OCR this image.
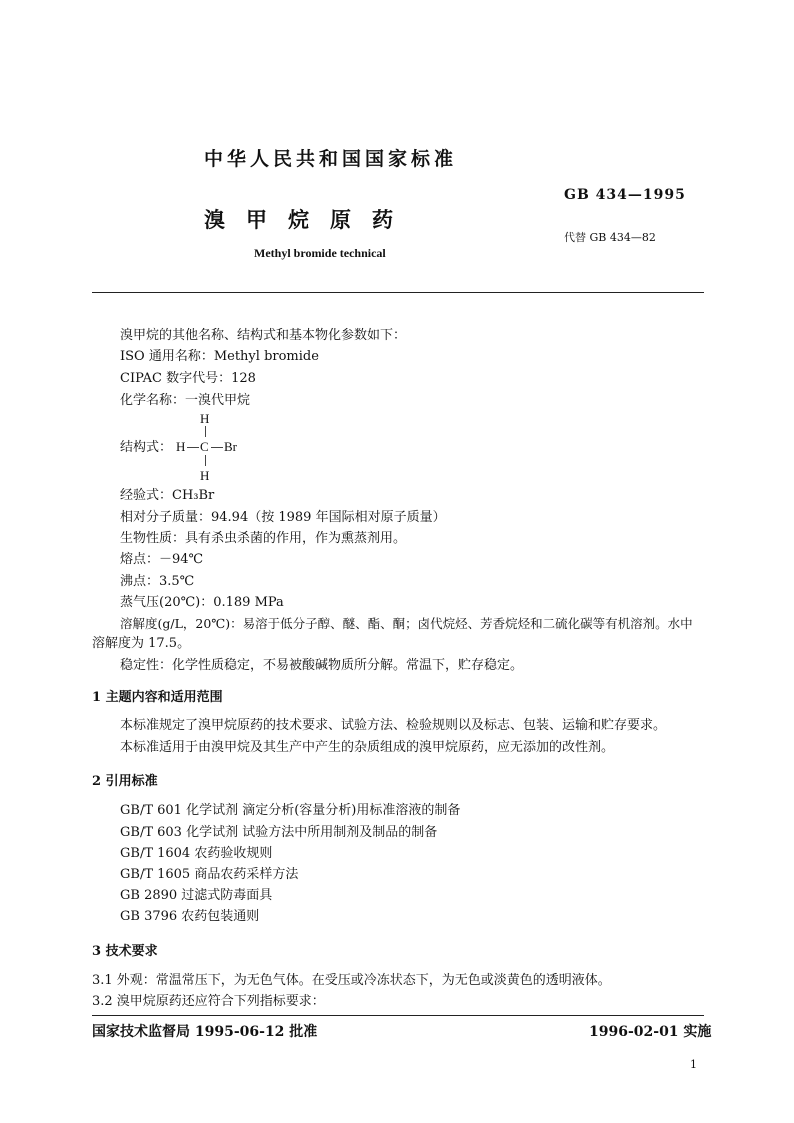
中华人民共和国国家标准
GB 434—1995
溴甲烷原药
代替 GB 434—82
Methyl bromide technical
溴甲烷的其他名称、结构式和基本物化参数如下：
ISO 通用名称：Methyl bromide
CIPAC 数字代号：128
化学名称：一溴代甲烷
H
结构式： H C Br
H
经验式：CH₃Br
相对分子质量：94.94（按 1989 年国际相对原子质量）
生物性质：具有杀虫杀菌的作用，作为熏蒸剂用。
熔点：－94℃
沸点：3.5℃
蒸气压(20℃)：0.189 MPa
溶解度(g/L，20℃)：易溶于低分子醇、醚、酯、酮；卤代烷烃、芳香烷烃和二硫化碳等有机溶剂。水中
溶解度为 17.5。
稳定性：化学性质稳定，不易被酸碱物质所分解。常温下，贮存稳定。
1 主题内容和适用范围
本标准规定了溴甲烷原药的技术要求、试验方法、检验规则以及标志、包装、运输和贮存要求。
本标准适用于由溴甲烷及其生产中产生的杂质组成的溴甲烷原药，应无添加的改性剂。
2 引用标准
GB/T 601 化学试剂 滴定分析(容量分析)用标准溶液的制备
GB/T 603 化学试剂 试验方法中所用制剂及制品的制备
GB/T 1604 农药验收规则
GB/T 1605 商品农药采样方法
GB 2890 过滤式防毒面具
GB 3796 农药包装通则
3 技术要求
3.1 外观：常温常压下，为无色气体。在受压或冷冻状态下，为无色或淡黄色的透明液体。
3.2 溴甲烷原药还应符合下列指标要求：
国家技术监督局 1995-06-12 批准	1996-02-01 实施
1
